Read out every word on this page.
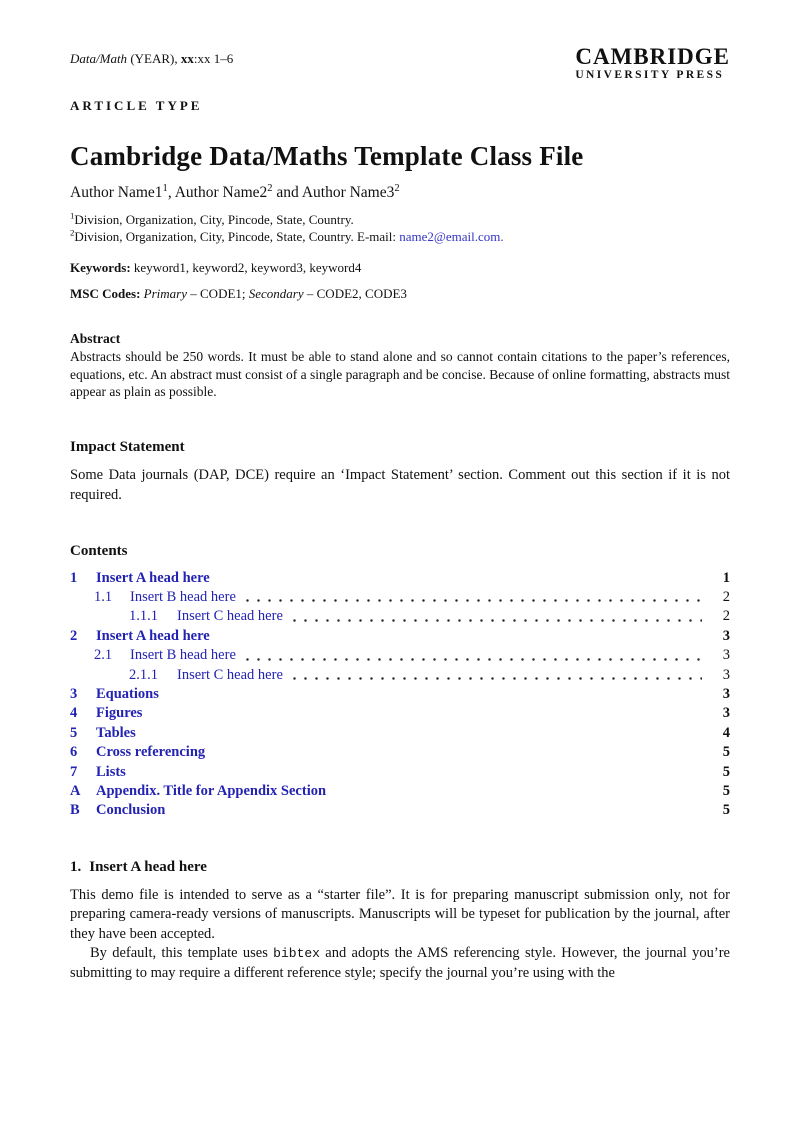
Data/Math (YEAR), xx:xx 1–6	CAMBRIDGE
UNIVERSITY PRESS
ARTICLE TYPE
Cambridge Data/Maths Template Class File
Author $Name1^1$, Author $Name2^2$ and Author $Name3^2$
$^1$Division, Organization, City, Pincode, State, Country.
$^2$Division, Organization, City, Pincode, State, Country. E-mail: name2@email.com.
Keywords: keyword1, keyword2, keyword3, keyword4
MSC Codes: Primary – CODE1; Secondary – CODE2, CODE3
Abstract

Abstracts should be 250 words. It must be able to stand alone and so cannot contain citations to the paper’s references, equations, etc. An abstract must consist of a single paragraph and be concise. Because of online formatting, abstracts must appear as plain as possible.

Impact Statement

Some Data journals (DAP, DCE) require an ‘Impact Statement’ section. Comment out this section if it is not required.

Contents
1	Insert A head here	1
1.1	Insert B head here	2
1.1.1	Insert C head here	2
2	Insert A head here	3
2.1	Insert B head here	3
2.1.1	Insert C head here	3
3	Equations	3
4	Figures	3
5	Tables	4
6	Cross referencing	5
7	Lists	5
A	Appendix. Title for Appendix Section	5
B	Conclusion	5
1. Insert A head here

This demo file is intended to serve as a “starter file”. It is for preparing manuscript submission only, not for preparing camera-ready versions of manuscripts. Manuscripts will be typeset for publication by the journal, after they have been accepted.

By default, this template uses bibtex and adopts the AMS referencing style. However, the journal you’re submitting to may require a different reference style; specify the journal you’re using with the
